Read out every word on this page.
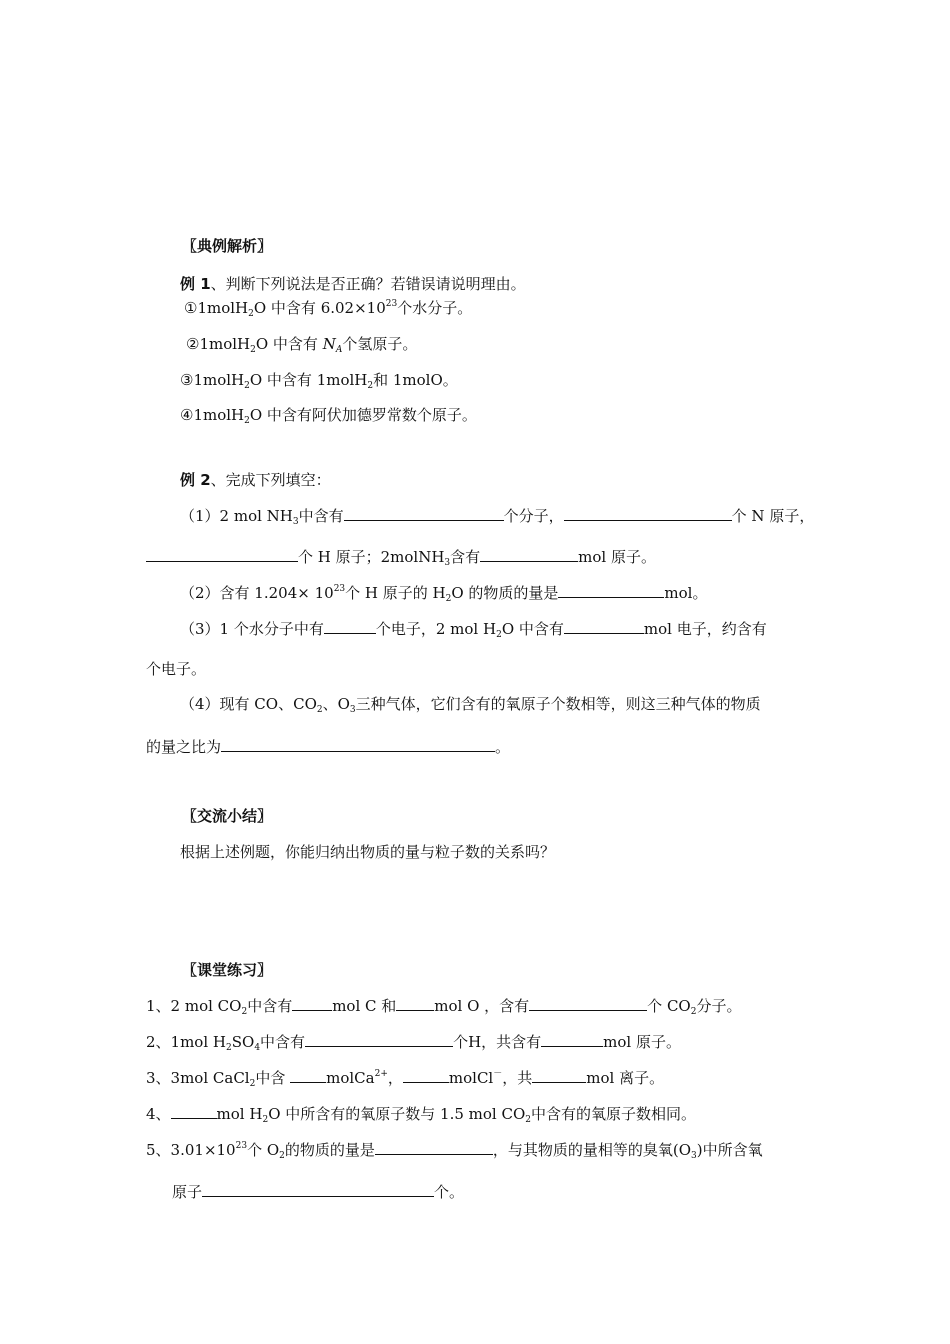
〖典例解析〗
例 1、判断下列说法是否正确？若错误请说明理由。
①1molH$_2$O 中含有 $6.02\times 10^{23}$个水分子。
②1molH$_2$O 中含有 $N_A$个氢原子。
③1molH$_2$O 中含有 1molH$_2$和 1molO。
④1molH$_2$O 中含有阿伏加德罗常数个原子。
例 2、完成下列填空：
（1）2 mol $NH_3$中含有	个分子，	个 N 原子，
个 H 原子；2molNH$_3$含有	mol 原子。
（2）含有 $1.204\times 10^{23}$个 H 原子的 $H_2O$ 的物质的量是	mol。
（3）1 个水分子中有	个电子，2 mol $H_2O$ 中含有	mol 电子，约含有
个电子。
（4）现有 CO、$CO_2$、$O_3$三种气体，它们含有的氧原子个数相等，则这三种气体的物质
的量之比为	。
〖交流小结〗
根据上述例题，你能归纳出物质的量与粒子数的关系吗？
〖课堂练习〗
1、2 mol $CO_2$中含有	mol C 和	mol O ，含有	个 $CO_2$分子。
2、1mol $H_2SO_4$中含有	个H，共含有	mol 原子。
3、3mol CaCl$_2$中含 molCa$^{2+}$，	molCl－，共	mol 离子。
4、	mol $H_2O$ 中所含有的氧原子数与 1.5 mol $CO_2$中含有的氧原子数相同。
5、$3.01\times 10^{23}$个 $O_2$的物质的量是	，与其物质的量相等的臭氧$(O_3)$中所含氧
原子	个。
